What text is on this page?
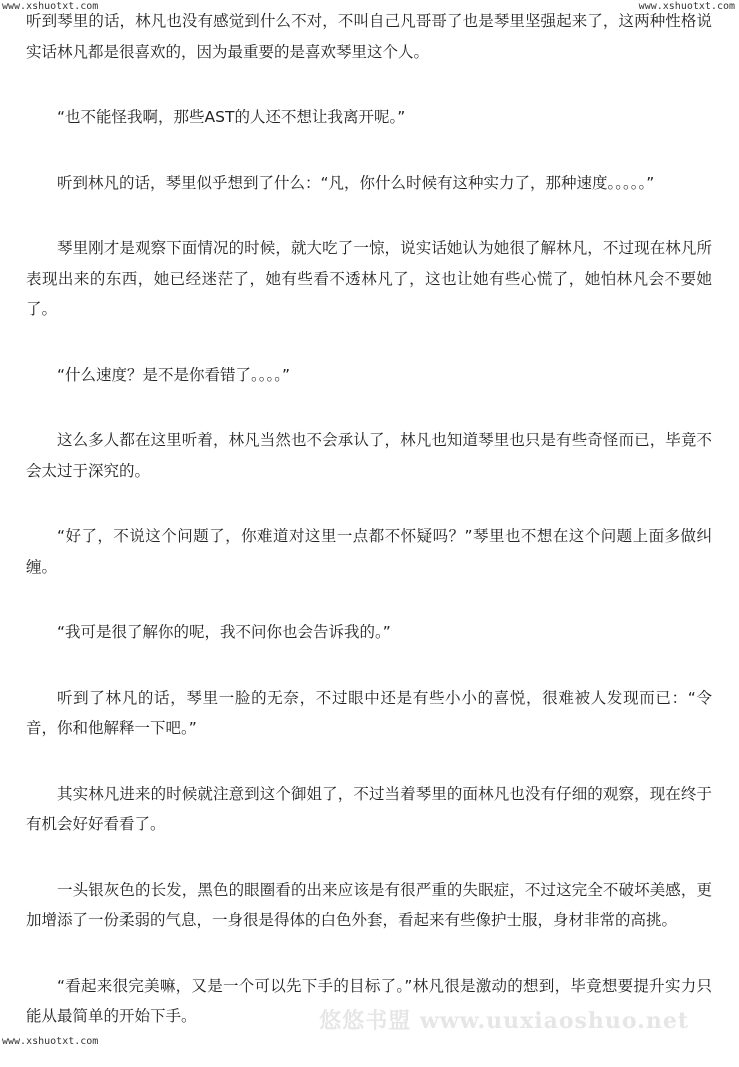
www.xshuotxt.com	www.xshuotxt.com

听到琴里的话，林凡也没有感觉到什么不对，不叫自己凡哥哥了也是琴里坚强起来了，这两种性格说实话林凡都是很喜欢的，因为最重要的是喜欢琴里这个人。

“也不能怪我啊，那些AST的人还不想让我离开呢。”

听到林凡的话，琴里似乎想到了什么：“凡，你什么时候有这种实力了，那种速度。。。。。”

琴里刚才是观察下面情况的时候，就大吃了一惊，说实话她认为她很了解林凡，不过现在林凡所表现出来的东西，她已经迷茫了，她有些看不透林凡了，这也让她有些心慌了，她怕林凡会不要她了。

“什么速度？是不是你看错了。。。。”

这么多人都在这里听着，林凡当然也不会承认了，林凡也知道琴里也只是有些奇怪而已，毕竟不会太过于深究的。

“好了，不说这个问题了，你难道对这里一点都不怀疑吗？”琴里也不想在这个问题上面多做纠缠。

“我可是很了解你的呢，我不问你也会告诉我的。”

听到了林凡的话，琴里一脸的无奈，不过眼中还是有些小小的喜悦，很难被人发现而已：“令音，你和他解释一下吧。”

其实林凡进来的时候就注意到这个御姐了，不过当着琴里的面林凡也没有仔细的观察，现在终于有机会好好看看了。

一头银灰色的长发，黑色的眼圈看的出来应该是有很严重的失眠症，不过这完全不破坏美感，更加增添了一份柔弱的气息，一身很是得体的白色外套，看起来有些像护士服，身材非常的高挑。

“看起来很完美嘛，又是一个可以先下手的目标了。”林凡很是激动的想到，毕竟想要提升实力只能从最简单的开始下手。	悠悠书盟 www.uuxiaoshuo.net
www.xshuotxt.com
